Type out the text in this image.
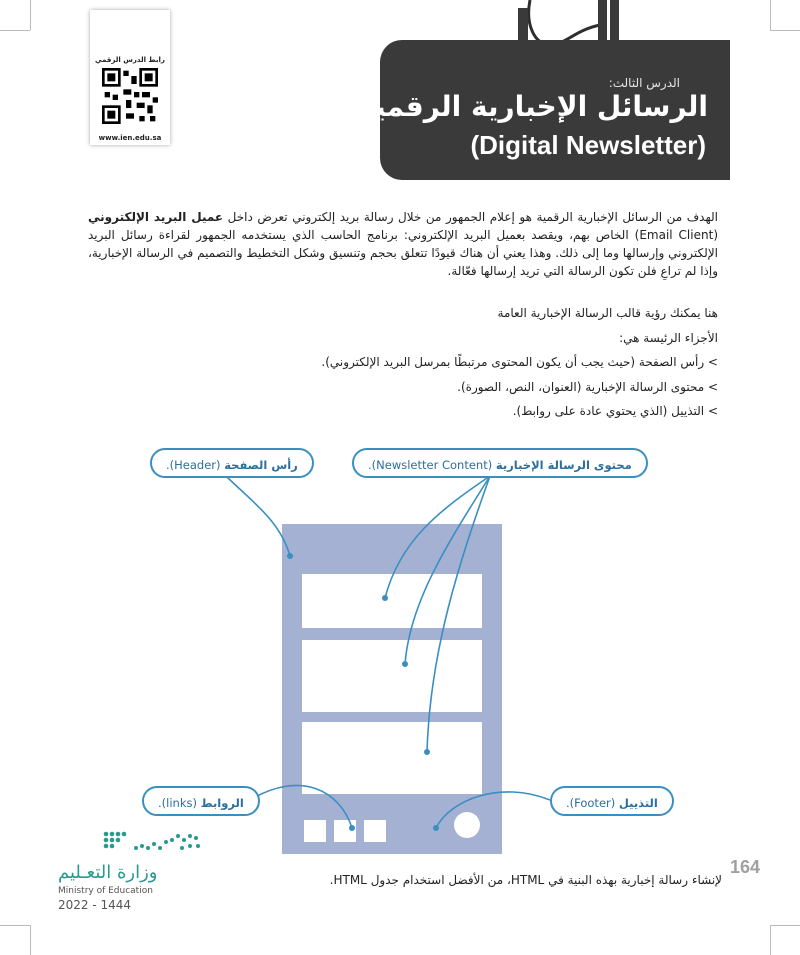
الدرس الثالث:
الرسائل الإخبارية الرقمية
(Digital Newsletter)
رابط الدرس الرقمي
www.ien.edu.sa
الهدف من الرسائل الإخبارية الرقمية هو إعلام الجمهور من خلال رسالة بريد إلكتروني تعرض داخل عميل البريد الإلكتروني (Email Client) الخاص بهم، ويقصد بعميل البريد الإلكتروني: برنامج الحاسب الذي يستخدمه الجمهور لقراءة رسائل البريد الإلكتروني وإرسالها وما إلى ذلك. وهذا يعني أن هناك قيودًا تتعلق بحجم وتنسيق وشكل التخطيط والتصميم في الرسالة الإخبارية، وإذا لم تراعِ فلن تكون الرسالة التي تريد إرسالها فعّالة.
هنا يمكنك رؤية قالب الرسالة الإخبارية العامة
الأجزاء الرئيسة هي:
> رأس الصفحة (حيث يجب أن يكون المحتوى مرتبطًا بمرسل البريد الإلكتروني).
> محتوى الرسالة الإخبارية (العنوان، النص، الصورة).
> التذييل (الذي يحتوي عادة على روابط).
رأس الصفحة (Header).	محتوى الرسالة الإخبارية (Newsletter Content).
الروابط (links).	التذييل (Footer).
لإنشاء رسالة إخبارية بهذه البنية في HTML، من الأفضل استخدام جدول HTML.
164
وزارة التعـليم
Ministry of Education
2022 - 1444
